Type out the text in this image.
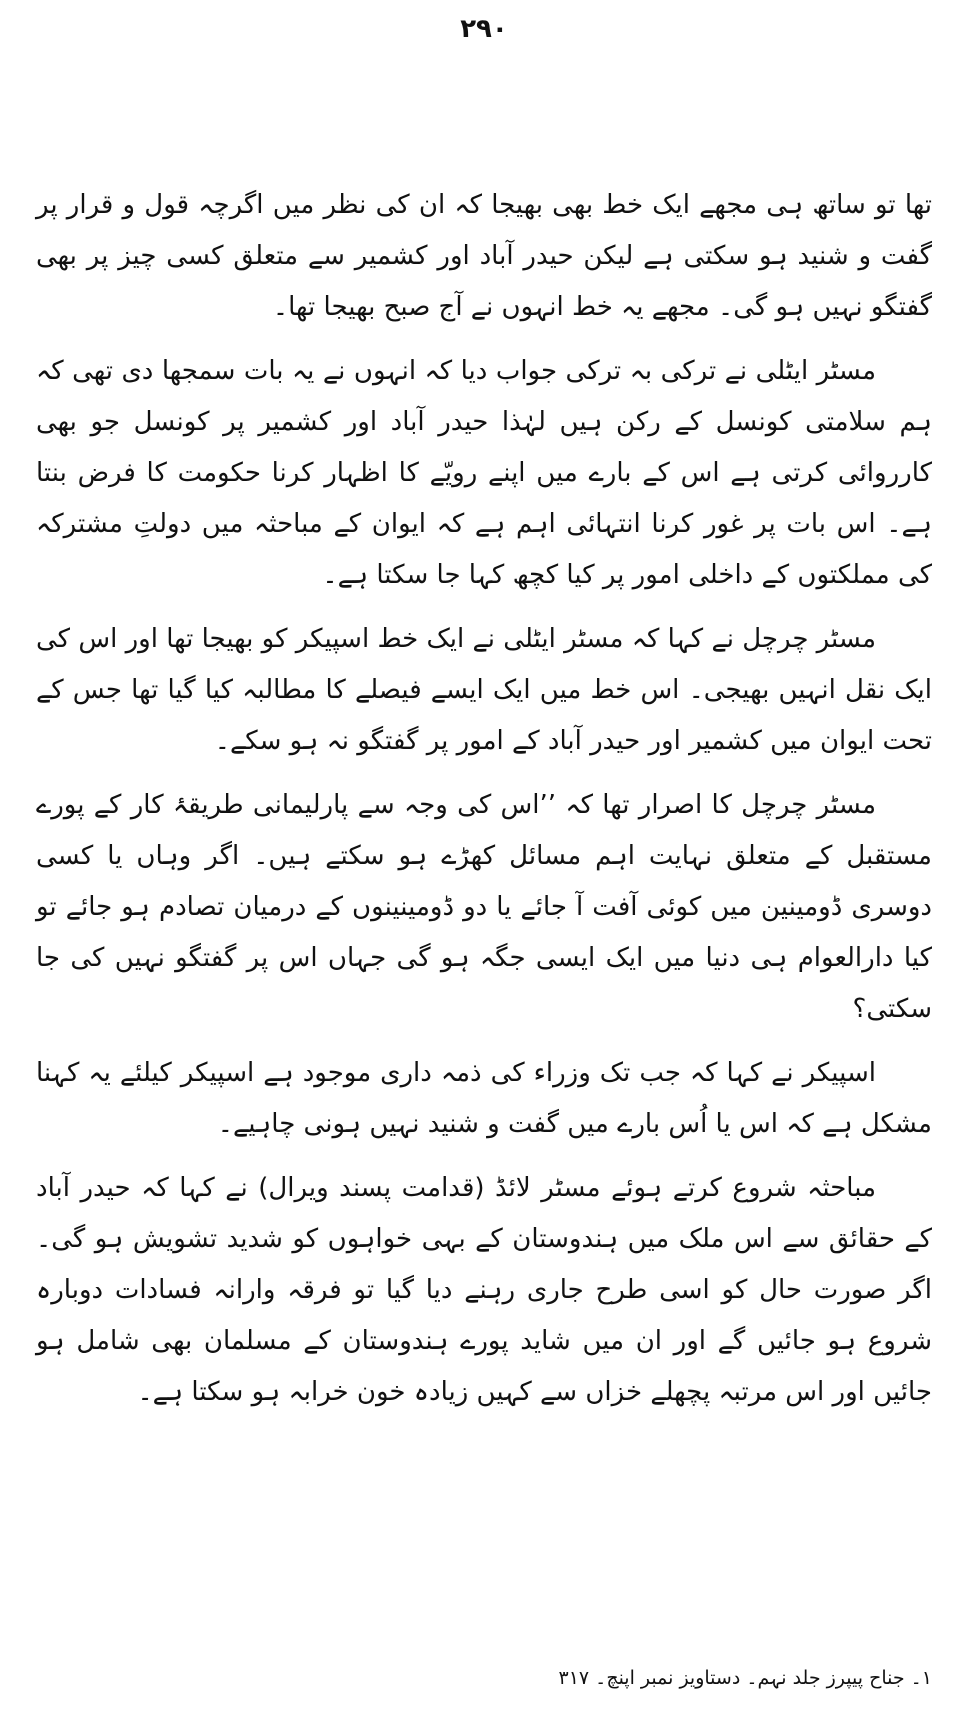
۲۹۰

تھا تو ساتھ ہی مجھے ایک خط بھی بھیجا کہ ان کی نظر میں اگرچہ قول و قرار پر گفت و شنید ہو سکتی ہے لیکن حیدر آباد اور کشمیر سے متعلق کسی چیز پر بھی گفتگو نہیں ہو گی۔ مجھے یہ خط انہوں نے آج صبح بھیجا تھا۔

مسٹر ایٹلی نے ترکی بہ ترکی جواب دیا کہ انہوں نے یہ بات سمجھا دی تھی کہ ہم سلامتی کونسل کے رکن ہیں لہٰذا حیدر آباد اور کشمیر پر کونسل جو بھی کارروائی کرتی ہے اس کے بارے میں اپنے رویّے کا اظہار کرنا حکومت کا فرض بنتا ہے۔ اس بات پر غور کرنا انتہائی اہم ہے کہ ایوان کے مباحثہ میں دولتِ مشترکہ کی مملکتوں کے داخلی امور پر کیا کچھ کہا جا سکتا ہے۔

مسٹر چرچل نے کہا کہ مسٹر ایٹلی نے ایک خط اسپیکر کو بھیجا تھا اور اس کی ایک نقل انہیں بھیجی۔ اس خط میں ایک ایسے فیصلے کا مطالبہ کیا گیا تھا جس کے تحت ایوان میں کشمیر اور حیدر آباد کے امور پر گفتگو نہ ہو سکے۔

مسٹر چرچل کا اصرار تھا کہ ’’اس کی وجہ سے پارلیمانی طریقۂ کار کے پورے مستقبل کے متعلق نہایت اہم مسائل کھڑے ہو سکتے ہیں۔ اگر وہاں یا کسی دوسری ڈومینین میں کوئی آفت آ جائے یا دو ڈومینینوں کے درمیان تصادم ہو جائے تو کیا دارالعوام ہی دنیا میں ایک ایسی جگہ ہو گی جہاں اس پر گفتگو نہیں کی جا سکتی؟

اسپیکر نے کہا کہ جب تک وزراء کی ذمہ داری موجود ہے اسپیکر کیلئے یہ کہنا مشکل ہے کہ اس یا اُس بارے میں گفت و شنید نہیں ہونی چاہیے۔

مباحثہ شروع کرتے ہوئے مسٹر لائڈ (قدامت پسند ویرال) نے کہا کہ حیدر آباد کے حقائق سے اس ملک میں ہندوستان کے بہی خواہوں کو شدید تشویش ہو گی۔ اگر صورت حال کو اسی طرح جاری رہنے دیا گیا تو فرقہ وارانہ فسادات دوبارہ شروع ہو جائیں گے اور ان میں شاید پورے ہندوستان کے مسلمان بھی شامل ہو جائیں اور اس مرتبہ پچھلے خزاں سے کہیں زیادہ خون خرابہ ہو سکتا ہے۔

۱۔ جناح پیپرز جلد نہم۔ دستاویز نمبر اپنچ۔ ۳۱۷
